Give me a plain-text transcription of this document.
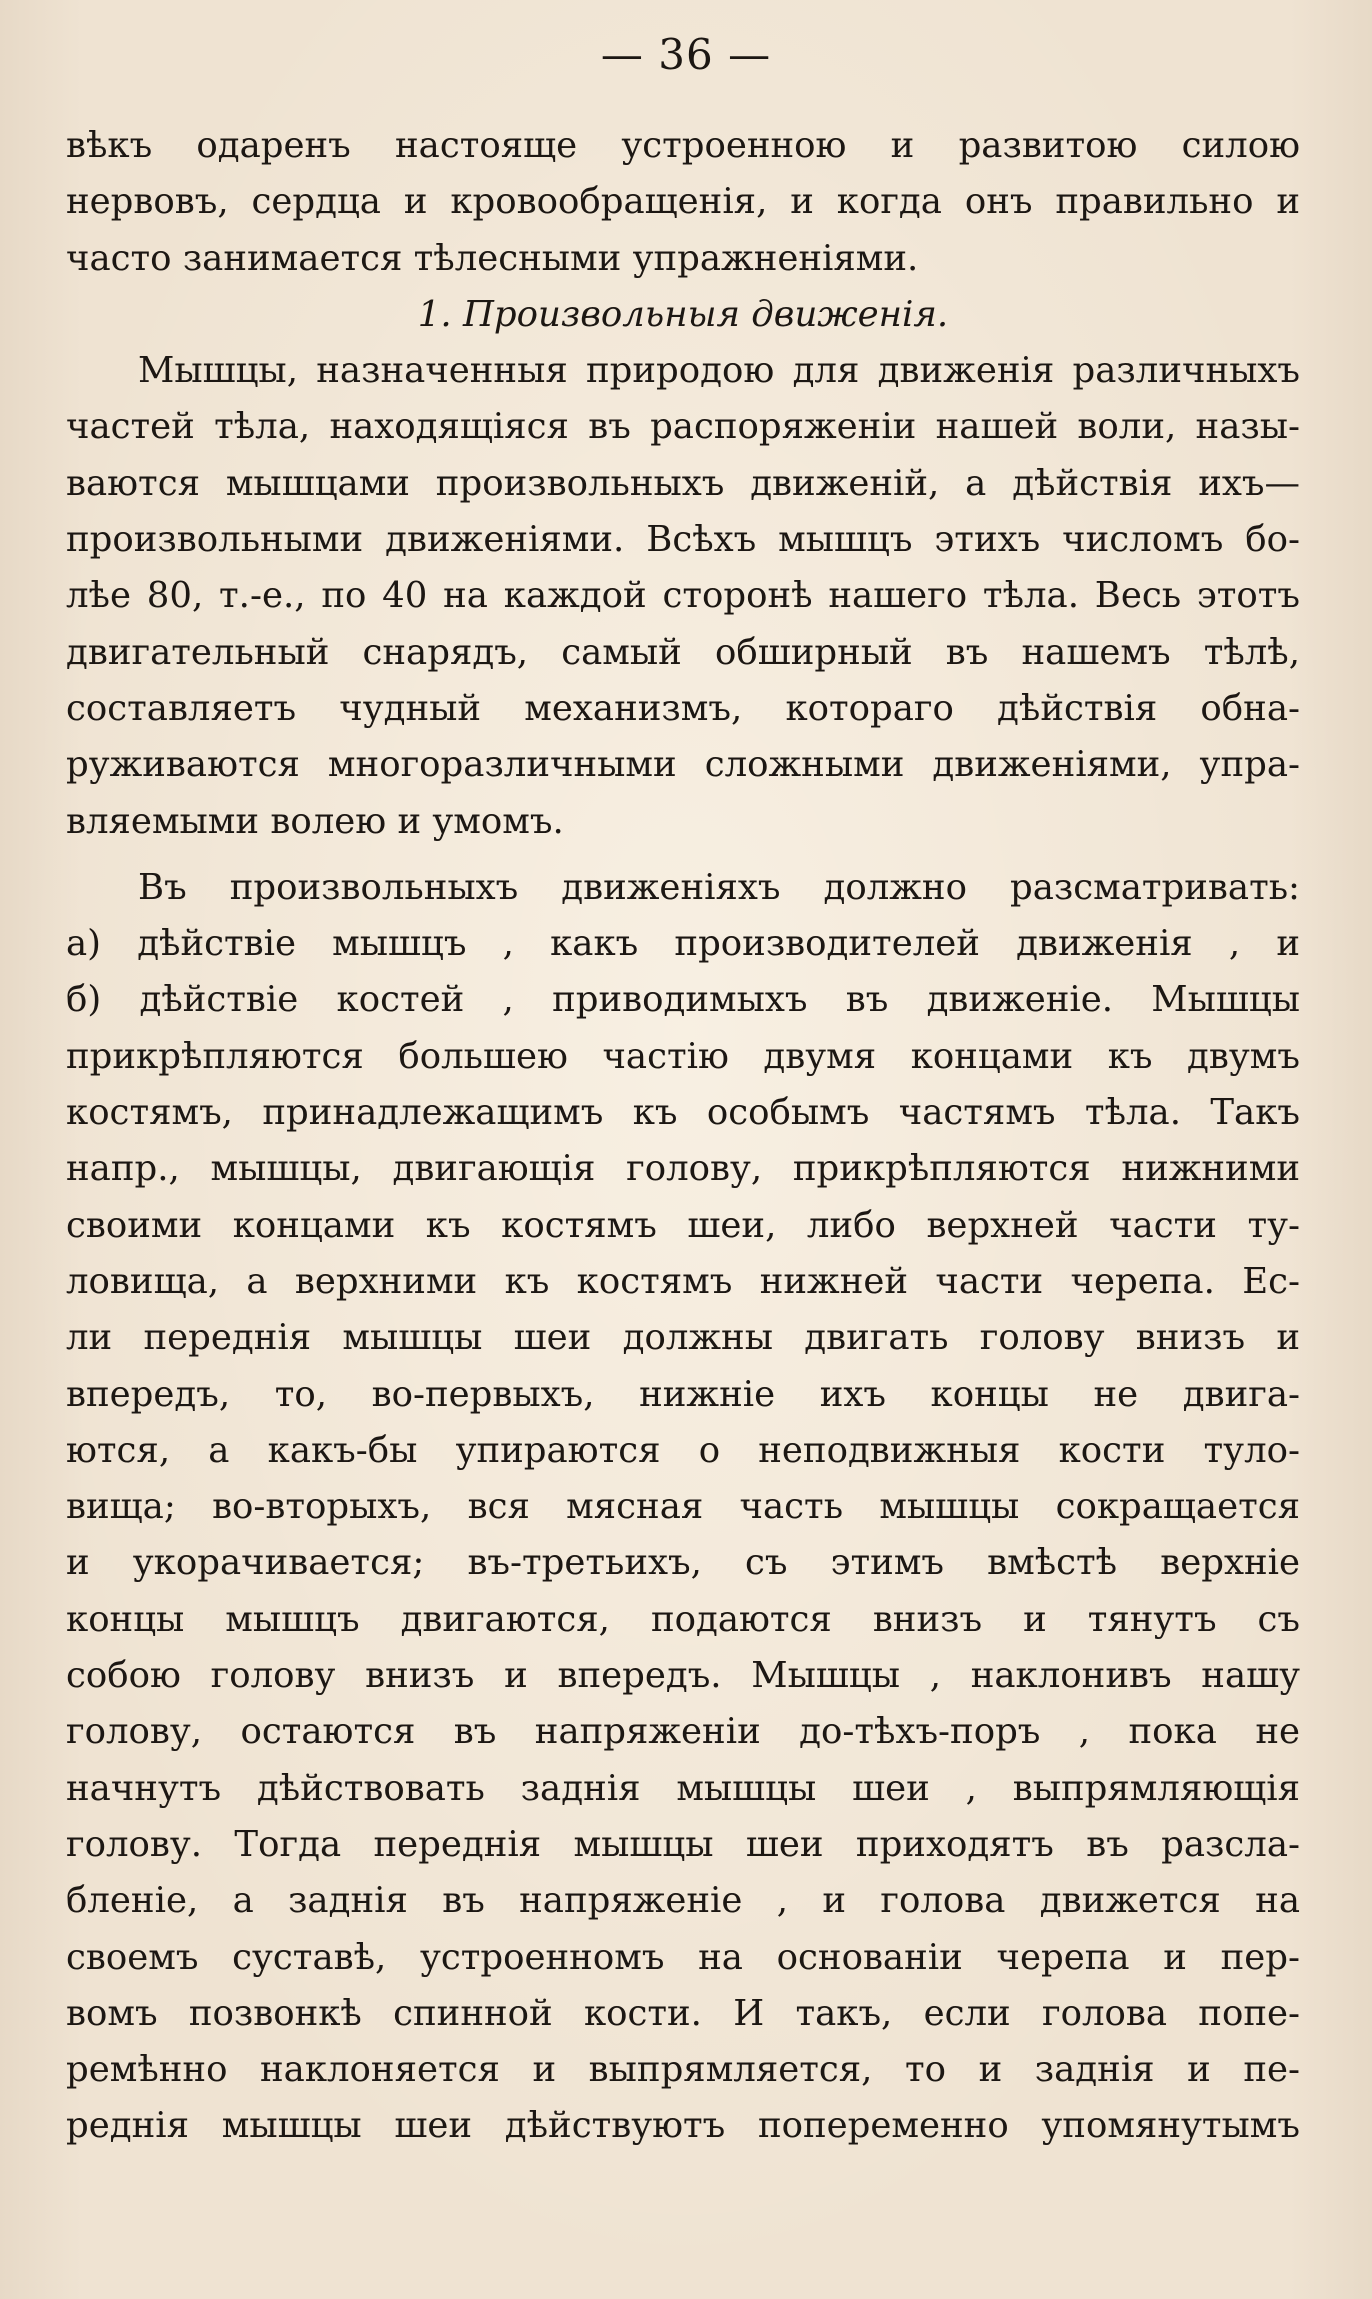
— 36 —
вѣкъ одаренъ настояще устроенною и развитою силою
нервовъ, сердца и кровообращенія, и когда онъ правильно и
часто занимается тѣлесными упражненіями.
1. Произвольныя движенія.
Мышцы, назначенныя природою для движенія различныхъ
частей тѣла, находящіяся въ распоряженіи нашей воли, назы-
ваются мышцами произвольныхъ движеній, а дѣйствія ихъ—
произвольными движеніями. Всѣхъ мышцъ этихъ числомъ бо-
лѣе 80, т.-е., по 40 на каждой сторонѣ нашего тѣла. Весь этотъ
двигательный снарядъ, самый обширный въ нашемъ тѣлѣ,
составляетъ чудный механизмъ, котораго дѣйствія обна-
руживаются многоразличными сложными движеніями, упра-
вляемыми волею и умомъ.
Въ произвольныхъ движеніяхъ должно разсматривать:
а) дѣйствіе мышцъ , какъ производителей движенія , и
б) дѣйствіе костей , приводимыхъ въ движеніе. Мышцы
прикрѣпляются большею частію двумя концами къ двумъ
костямъ, принадлежащимъ къ особымъ частямъ тѣла. Такъ
напр., мышцы, двигающія голову, прикрѣпляются нижними
своими концами къ костямъ шеи, либо верхней части ту-
ловища, а верхними къ костямъ нижней части черепа. Ес-
ли переднія мышцы шеи должны двигать голову внизъ и
впередъ, то, во-первыхъ, нижніе ихъ концы не двига-
ются, а какъ-бы упираются о неподвижныя кости туло-
вища; во-вторыхъ, вся мясная часть мышцы сокращается
и укорачивается; въ-третьихъ, съ этимъ вмѣстѣ верхніе
концы мышцъ двигаются, подаются внизъ и тянутъ съ
собою голову внизъ и впередъ. Мышцы , наклонивъ нашу
голову, остаются въ напряженіи до-тѣхъ-поръ , пока не
начнутъ дѣйствовать заднія мышцы шеи , выпрямляющія
голову. Тогда переднія мышцы шеи приходятъ въ разсла-
бленіе, а заднія въ напряженіе , и голова движется на
своемъ суставѣ, устроенномъ на основаніи черепа и пер-
вомъ позвонкѣ спинной кости. И такъ, если голова попе-
ремѣнно наклоняется и выпрямляется, то и заднія и пе-
реднія мышцы шеи дѣйствуютъ попеременно упомянутымъ
